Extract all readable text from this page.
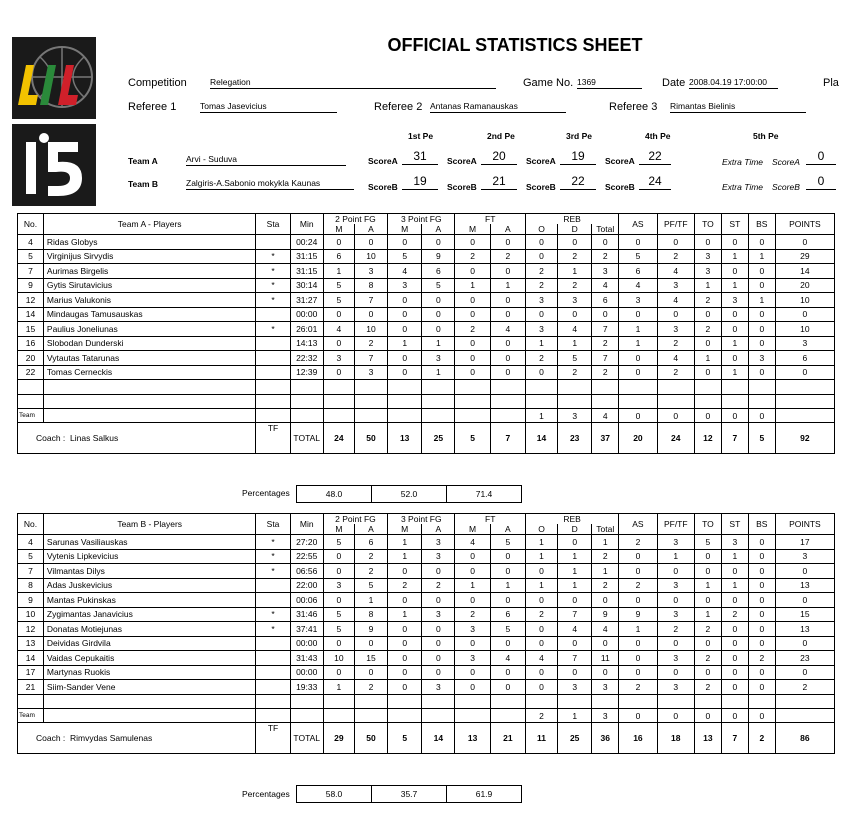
OFFICIAL STATISTICS SHEET
Competition	Relegation	Game No. 1369	Date 2008.04.19 17:00:00	Pla
Referee 1	Tomas Jasevicius	Referee 2 Antanas Ramanauskas	Referee 3 Rimantas Bielinis
1st Pe	2nd Pe	3rd Pe	4th Pe	5th Pe
Team A	Arvi - Suduva	ScoreA	31	ScoreA	20	ScoreA	19	ScoreA	22	Extra Time ScoreA	0
Team B	Zalgiris-A.Sabonio mokykla Kaunas	ScoreB	19	ScoreB	21	ScoreB	22	ScoreB	24	Extra Time ScoreB	0
No.	Team A - Players	Sta	Min	2 Point FG		3 Point FG		FT		REB			AS	PF/TF	TO	ST	BS	POINTS
				M	A	M	A	M	A	O	D	Total						
4	Ridas Globys		00:24	0	0	0	0	0	0	0	0	0	0	0	0	0	0	0
5	Virginijus Sirvydis	*	31:15	6	10	5	9	2	2	0	2	2	5	2	3	1	1	29
7	Aurimas Birgelis	*	31:15	1	3	4	6	0	0	2	1	3	6	4	3	0	0	14
9	Gytis Sirutavicius	*	30:14	5	8	3	5	1	1	2	2	4	4	3	1	1	0	20
12	Marius Valukonis	*	31:27	5	7	0	0	0	0	3	3	6	3	4	2	3	1	10
14	Mindaugas Tamusauskas		00:00	0	0	0	0	0	0	0	0	0	0	0	0	0	0	0
15	Paulius Joneliunas	*	26:01	4	10	0	0	2	4	3	4	7	1	3	2	0	0	10
16	Slobodan Dunderski		14:13	0	2	1	1	0	0	1	1	2	1	2	0	1	0	3
20	Vytautas Tatarunas		22:32	3	7	0	3	0	0	2	5	7	0	4	1	0	3	6
22	Tomas Cerneckis		12:39	0	3	0	1	0	0	0	2	2	0	2	0	1	0	0

Team										1	3	4	0	0	0	0	0	
Coach : Linas Salkus		TF	TOTAL	24	50	13	25	5	7	14	23	37	20	24	12	7	5	92
Percentages	48.0	52.0	71.4
No.	Team B - Players	Sta	Min	2 Point FG		3 Point FG		FT		REB			AS	PF/TF	TO	ST	BS	POINTS
				M	A	M	A	M	A	O	D	Total						
4	Sarunas Vasiliauskas	*	27:20	5	6	1	3	4	5	1	0	1	2	3	5	3	0	17
5	Vytenis Lipkevicius	*	22:55	0	2	1	3	0	0	1	1	2	0	1	0	1	0	3
7	Vilmantas Dilys	*	06:56	0	2	0	0	0	0	0	1	1	0	0	0	0	0	0
8	Adas Juskevicius		22:00	3	5	2	2	1	1	1	1	2	2	3	1	1	0	13
9	Mantas Pukinskas		00:06	0	1	0	0	0	0	0	0	0	0	0	0	0	0	0
10	Zygimantas Janavicius	*	31:46	5	8	1	3	2	6	2	7	9	9	3	1	2	0	15
12	Donatas Motiejunas	*	37:41	5	9	0	0	3	5	0	4	4	1	2	2	0	0	13
13	Deividas Girdvila		00:00	0	0	0	0	0	0	0	0	0	0	0	0	0	0	0
14	Vaidas Cepukaitis		31:43	10	15	0	0	3	4	4	7	11	0	3	2	0	2	23
17	Martynas Ruokis		00:00	0	0	0	0	0	0	0	0	0	0	0	0	0	0	0
21	Siim-Sander Vene		19:33	1	2	0	3	0	0	0	3	3	2	3	2	0	0	2

Team										2	1	3	0	0	0	0	0	
Coach : Rimvydas Samulenas		TF	TOTAL	29	50	5	14	13	21	11	25	36	16	18	13	7	2	86
Percentages	58.0	35.7	61.9
